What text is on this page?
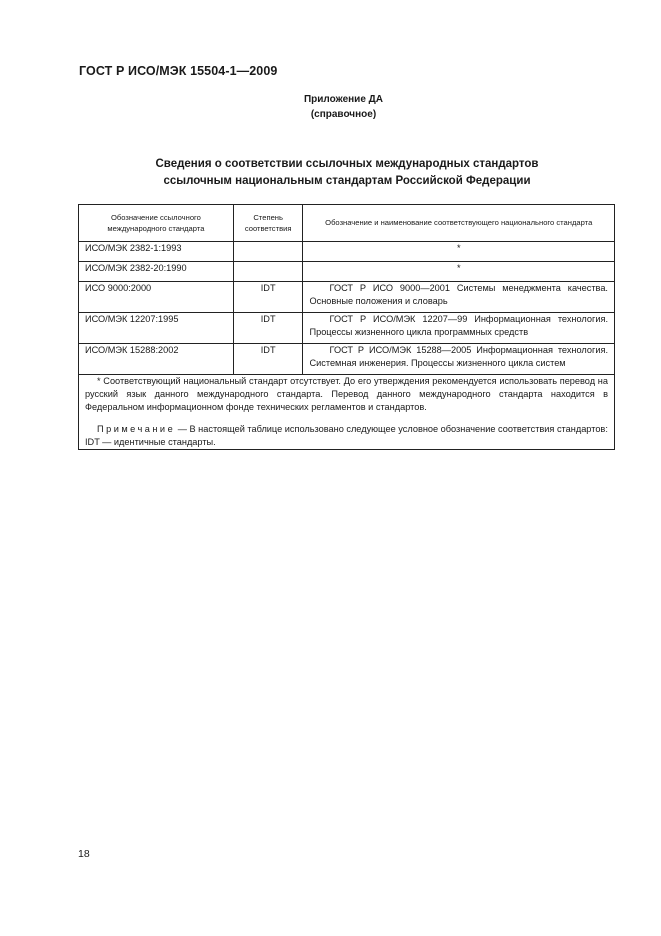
ГОСТ Р ИСО/МЭК 15504-1—2009
Приложение ДА
(справочное)
Сведения о соответствии ссылочных международных стандартов
ссылочным национальным стандартам Российской Федерации
Обозначение ссылочного международного стандарта	Степень соответствия	Обозначение и наименование соответствующего национального стандарта
ИСО/МЭК 2382-1:1993		*
ИСО/МЭК 2382-20:1990		*
ИСО 9000:2000	IDT	ГОСТ Р ИСО 9000—2001 Системы менеджмента качества. Основные положения и словарь

ИСО/МЭК 12207:1995	IDT	ГОСТ Р ИСО/МЭК 12207—99 Информационная технология. Процессы жизненного цикла программных средств

ИСО/МЭК 15288:2002	IDT	ГОСТ Р ИСО/МЭК 15288—2005 Информационная технология. Системная инженерия. Процессы жизненного цикла систем

* Соответствующий национальный стандарт отсутствует. До его утверждения рекомендуется использовать перевод на русский язык данного международного стандарта. Перевод данного международного стандарта находится в Федеральном информационном фонде технических регламентов и стандартов.

Примечание — В настоящей таблице использовано следующее условное обозначение соответствия стандартов:

IDT — идентичные стандарты.		

18
